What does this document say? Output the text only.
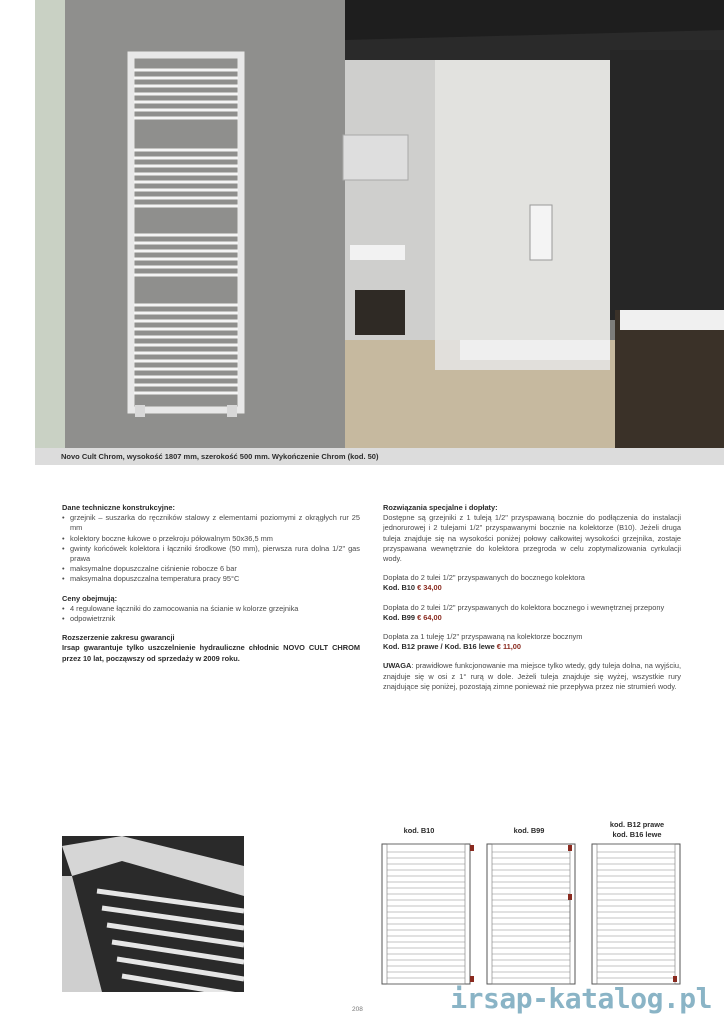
Novo Cult Chrom, wysokość 1807 mm, szerokość 500 mm. Wykończenie Chrom (kod. 50)
Dane techniczne konstrukcyjne:
• grzejnik – suszarka do ręczników stalowy z elementami poziomymi z okrągłych rur 25 mm
• kolektory boczne łukowe o przekroju półowalnym 50x36,5 mm
• gwinty końcówek kolektora i łączniki środkowe (50 mm), pierwsza rura dolna 1/2" gas prawa
• maksymalne dopuszczalne ciśnienie robocze 6 bar
• maksymalna dopuszczalna temperatura pracy 95°C
Ceny obejmują:
• 4 regulowane łączniki do zamocowania na ścianie w kolorze grzejnika
• odpowietrznik
Rozszerzenie zakresu gwarancji
Irsap gwarantuje tylko uszczelnienie hydrauliczne chłodnic NOVO CULT CHROM przez 10 lat, począwszy od sprzedaży w 2009 roku.
Rozwiązania specjalne i dopłaty:
Dostępne są grzejniki z 1 tuleją 1/2" przyspawaną bocznie do podłączenia do instalacji jednorurowej i 2 tulejami 1/2" przyspawanymi bocznie na kolektorze (B10). Jeżeli druga tuleja znajduje się na wysokości poniżej połowy całkowitej wysokości grzejnika, zostaje przyspawana wewnętrznie do kolektora przegroda w celu zoptymalizowania cyrkulacji wody.
Dopłata do 2 tulei 1/2" przyspawanych do bocznego kolektora
Kod. B10 € 34,00
Dopłata do 2 tulei 1/2" przyspawanych do kolektora bocznego i wewnętrznej przepony Kod. B99 € 64,00
Dopłata za 1 tuleję 1/2" przyspawaną na kolektorze bocznym
Kod. B12 prawe / Kod. B16 lewe € 11,00
UWAGA: prawidłowe funkcjonowanie ma miejsce tylko wtedy, gdy tuleja dolna, na wyjściu, znajduje się w osi z 1° rurą w dole. Jeżeli tuleja znajduje się wyżej, wszystkie rury znajdujące się poniżej, pozostają zimne ponieważ nie przepływa przez nie strumień wody.
kod. B10	kod. B99
kod. B12 prawe
kod. B16 lewe
208	irsap-katalog.pl
